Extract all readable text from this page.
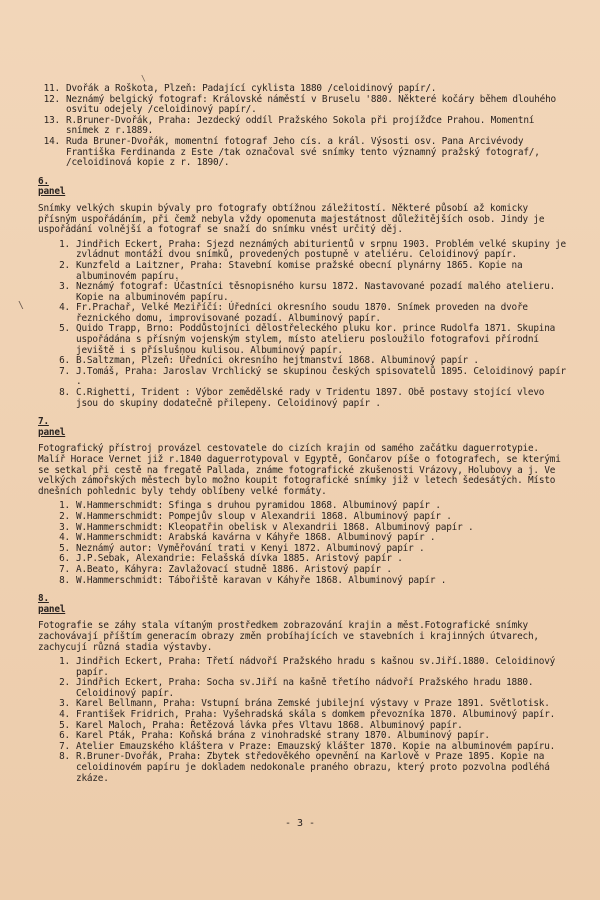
\
\
11. Dvořák a Roškota, Plzeň: Padající cyklista 1880 /celoidinový papír/.
12. Neznámý belgický fotograf: Královské náměstí v Bruselu '880. Některé kočáry během dlouhého osvitu odejely /celoidinový papír/.
13. R.Bruner-Dvořák, Praha: Jezdecký oddíl Pražského Sokola při projížďce Prahou. Momentní snímek z r.1889.
14. Ruda Bruner-Dvořák, momentní fotograf Jeho cís. a král. Výsosti osv. Pana Arcivévody Františka Ferdinanda z Este /tak označoval své snímky tento významný pražský fotograf/, /celoidinová kopie z r. 1890/.
6. panel
Snímky velkých skupin bývaly pro fotografy obtížnou záležitostí. Některé působí až komicky přísným uspořádáním, při čemž nebyla vždy opomenuta majestátnost důležitějších osob. Jindy je uspořádání volnější a fotograf se snaží do snímku vnést určitý děj.
1. Jindřich Eckert, Praha: Sjezd neznámých abiturientů v srpnu 1903. Problém velké skupiny je zvládnut montáží dvou snímků, provedených postupně v ateliéru. Celoidinový papír.
2. Kunzfeld a Laitzner, Praha: Stavební komise pražské obecní plynárny 1865. Kopie na albuminovém papíru.
3. Neznámý fotograf: Účastníci těsnopisného kursu 1872. Nastavované pozadí malého atelieru. Kopie na albuminovém papíru.
4. Fr.Prachař, Velké Meziříčí: Úředníci okresního soudu 1870. Snímek proveden na dvoře řeznického domu, improvisované pozadí. Albuminový papír.
5. Quido Trapp, Brno: Poddůstojníci dělostřeleckého pluku kor. prince Rudolfa 1871. Skupina uspořádána s přísným vojenským stylem, místo atelieru posloužilo fotografovi přírodní jeviště i s příslušnou kulisou. Albuminový papír.
6. B.Saltzman, Plzeň: Úředníci okresního hejtmanství 1868. Albuminový papír .
7. J.Tomáš, Praha: Jaroslav Vrchlický se skupinou českých spisovatelů 1895. Celoidinový papír .
8. C.Righetti, Trident : Výbor zemědělské rady v Tridentu 1897. Obě postavy stojící vlevo jsou do skupiny dodatečně přilepeny. Celoidinový papír .
7. panel
Fotografický přístroj provázel cestovatele do cizích krajin od samého začátku daguerrotypie. Malíř Horace Vernet již r.1840 daguerrotypoval v Egyptě, Gončarov píše o fotografech, se kterými se setkal při cestě na fregatě Pallada, známe fotografické zkušenosti Vrázovy, Holubovy a j. Ve velkých zámořských městech bylo možno koupit fotografické snímky již v letech šedesátých. Místo dnešních pohlednic byly tehdy oblíbeny velké formáty.
1. W.Hammerschmidt: Sfinga s druhou pyramidou 1868. Albuminový papír .
2. W.Hammerschmidt: Pompejův sloup v Alexandrii 1868. Albuminový papír .
3. W.Hammerschmidt: Kleopatřin obelisk v Alexandrii 1868. Albuminový papír .
4. W.Hammerschmidt: Arabská kavárna v Káhyře 1868. Albuminový papír .
5. Neznámý autor: Vyměřování trati v Kenyi 1872. Albuminový papír .
6. J.P.Sebak, Alexandrie: Felašská dívka 1885. Aristový papír .
7. A.Beato, Káhyra: Zavlažovací studně 1886. Aristový papír .
8. W.Hammerschmidt: Tábořiště karavan v Káhyře 1868. Albuminový papír .
8. panel
Fotografie se záhy stala vítaným prostředkem zobrazování krajin a měst.Fotografické snímky zachovávají příštím generacím obrazy změn probíhajících ve stavebních i krajinných útvarech, zachycují různá stadia výstavby.
1. Jindřich Eckert, Praha: Třetí nádvoří Pražského hradu s kašnou sv.Jiří.1880. Celoidinový papír.
2. Jindřich Eckert, Praha: Socha sv.Jiří na kašně třetího nádvoří Pražského hradu 1880. Celoidinový papír.
3. Karel Bellmann, Praha: Vstupní brána Zemské jubilejní výstavy v Praze 1891. Světlotisk.
4. František Fridrich, Praha: Vyšehradská skála s domkem převozníka 1870. Albuminový papír.
5. Karel Maloch, Praha: Řetězová lávka přes Vltavu 1868. Albuminový papír.
6. Karel Pták, Praha: Koňská brána z vinohradské strany 1870. Albuminový papír.
7. Atelier Emauzského kláštera v Praze: Emauzský klášter 1870. Kopie na albuminovém papíru.
8. R.Bruner-Dvořák, Praha: Zbytek středověkého opevnění na Karlově v Praze 1895. Kopie na celoidinovém papíru je dokladem nedokonale praného obrazu, který proto pozvolna podléhá zkáze.
- 3 -
